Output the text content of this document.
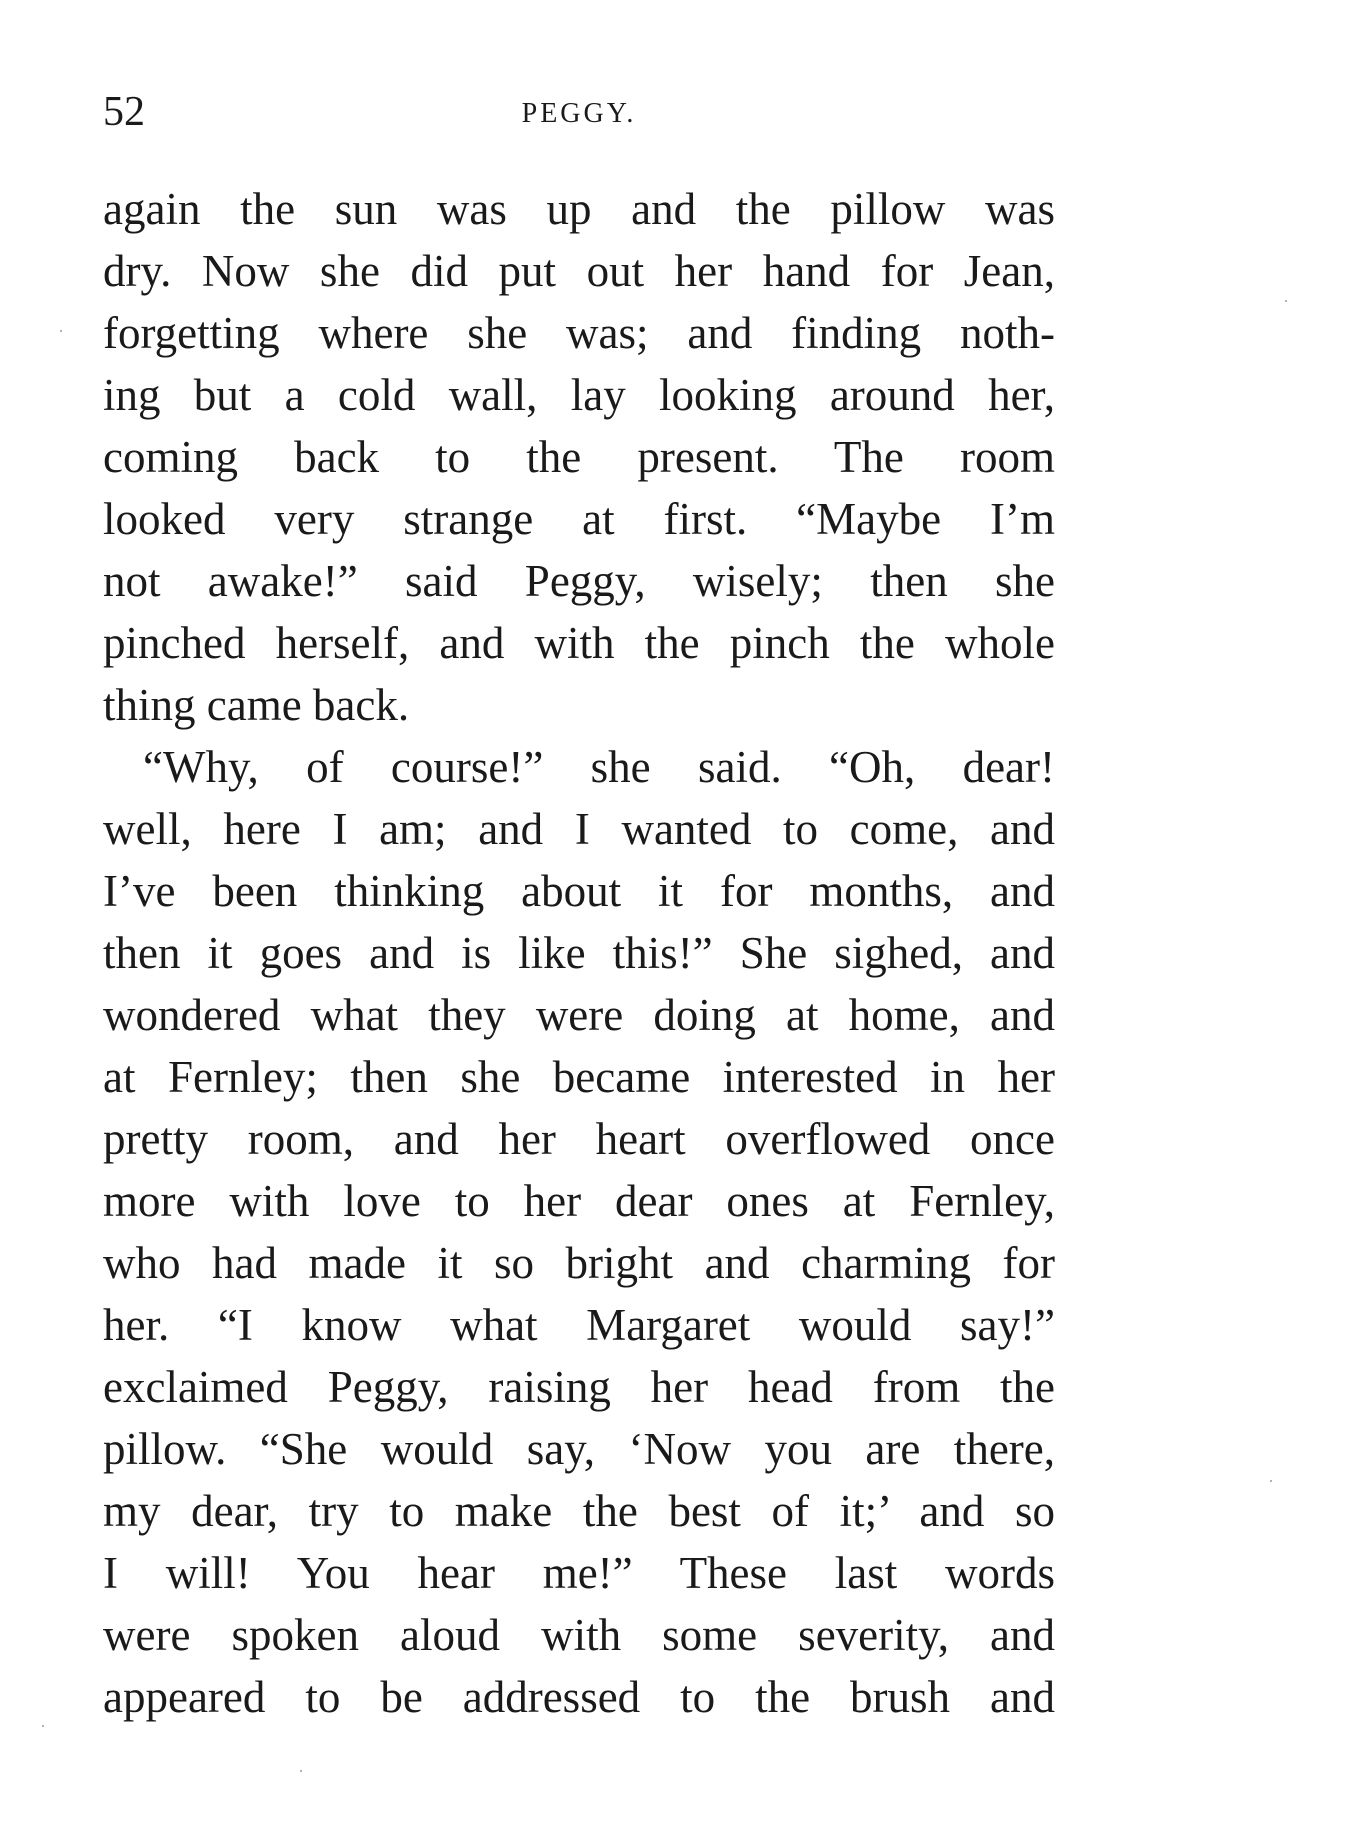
52	PEGGY.
again the sun was up and the pillow was
dry. Now she did put out her hand for Jean,
forgetting where she was; and finding noth-
ing but a cold wall, lay looking around her,
coming back to the present. The room
looked very strange at first. “Maybe I’m
not awake!” said Peggy, wisely; then she
pinched herself, and with the pinch the whole
thing came back.
“Why, of course!” she said. “Oh, dear!
well, here I am; and I wanted to come, and
I’ve been thinking about it for months, and
then it goes and is like this!” She sighed, and
wondered what they were doing at home, and
at Fernley; then she became interested in her
pretty room, and her heart overflowed once
more with love to her dear ones at Fernley,
who had made it so bright and charming for
her. “I know what Margaret would say!”
exclaimed Peggy, raising her head from the
pillow. “She would say, ‘Now you are there,
my dear, try to make the best of it;’ and so
I will! You hear me!” These last words
were spoken aloud with some severity, and
appeared to be addressed to the brush and
